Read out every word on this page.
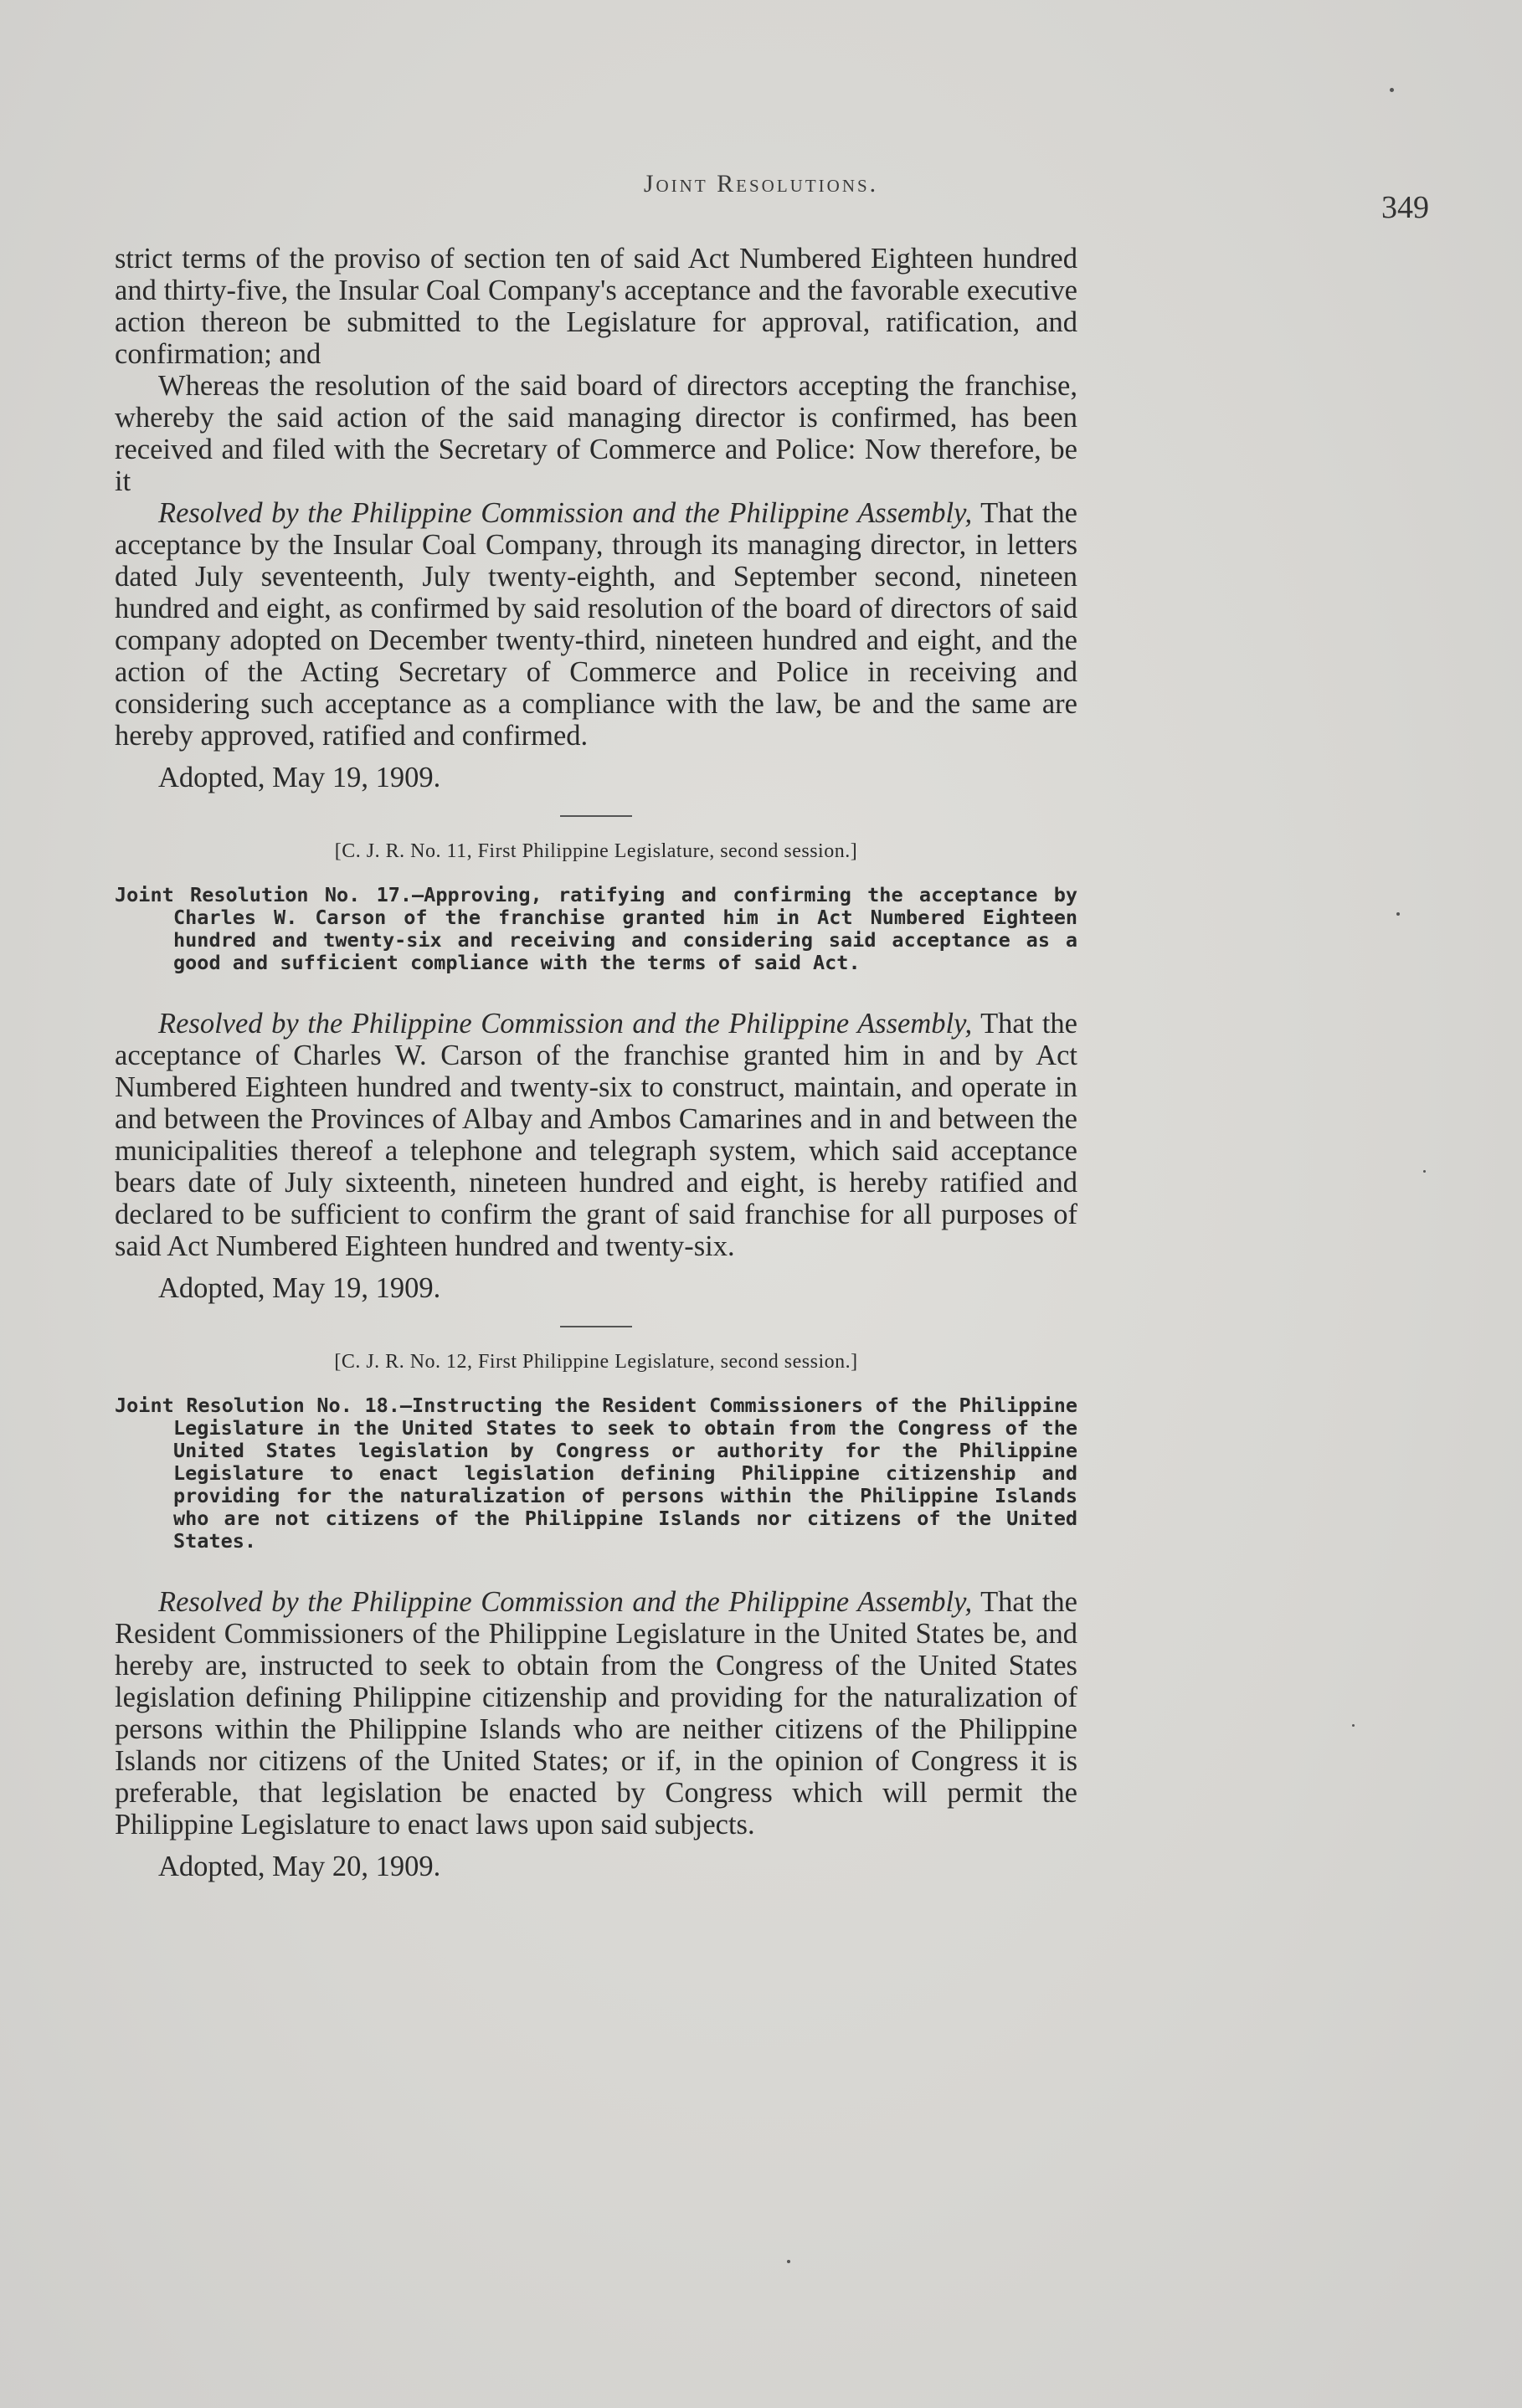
Joint Resolutions.
349

strict terms of the proviso of section ten of said Act Numbered Eighteen hundred and thirty-five, the Insular Coal Company's acceptance and the favorable executive action thereon be submitted to the Legislature for approval, ratification, and confirmation; and

Whereas the resolution of the said board of directors accepting the franchise, whereby the said action of the said managing director is confirmed, has been received and filed with the Secretary of Commerce and Police: Now therefore, be it

Resolved by the Philippine Commission and the Philippine Assembly, That the acceptance by the Insular Coal Company, through its managing director, in letters dated July seventeenth, July twenty-eighth, and September second, nineteen hundred and eight, as confirmed by said resolution of the board of directors of said company adopted on December twenty-third, nineteen hundred and eight, and the action of the Acting Secretary of Commerce and Police in receiving and considering such acceptance as a compliance with the law, be and the same are hereby approved, ratified and confirmed.

Adopted, May 19, 1909.

[C. J. R. No. 11, First Philippine Legislature, second session.]

Joint Resolution No. 17.—Approving, ratifying and confirming the acceptance by Charles W. Carson of the franchise granted him in Act Numbered Eighteen hundred and twenty-six and receiving and considering said acceptance as a good and sufficient compliance with the terms of said Act.

Resolved by the Philippine Commission and the Philippine Assembly, That the acceptance of Charles W. Carson of the franchise granted him in and by Act Numbered Eighteen hundred and twenty-six to construct, maintain, and operate in and between the Provinces of Albay and Ambos Camarines and in and between the municipalities thereof a telephone and telegraph system, which said acceptance bears date of July sixteenth, nineteen hundred and eight, is hereby ratified and declared to be sufficient to confirm the grant of said franchise for all purposes of said Act Numbered Eighteen hundred and twenty-six.

Adopted, May 19, 1909.

[C. J. R. No. 12, First Philippine Legislature, second session.]

Joint Resolution No. 18.—Instructing the Resident Commissioners of the Philippine Legislature in the United States to seek to obtain from the Congress of the United States legislation by Congress or authority for the Philippine Legislature to enact legislation defining Philippine citizenship and providing for the naturalization of persons within the Philippine Islands who are not citizens of the Philippine Islands nor citizens of the United States.

Resolved by the Philippine Commission and the Philippine Assembly, That the Resident Commissioners of the Philippine Legislature in the United States be, and hereby are, instructed to seek to obtain from the Congress of the United States legislation defining Philippine citizenship and providing for the naturalization of persons within the Philippine Islands who are neither citizens of the Philippine Islands nor citizens of the United States; or if, in the opinion of Congress it is preferable, that legislation be enacted by Congress which will permit the Philippine Legislature to enact laws upon said subjects.

Adopted, May 20, 1909.
